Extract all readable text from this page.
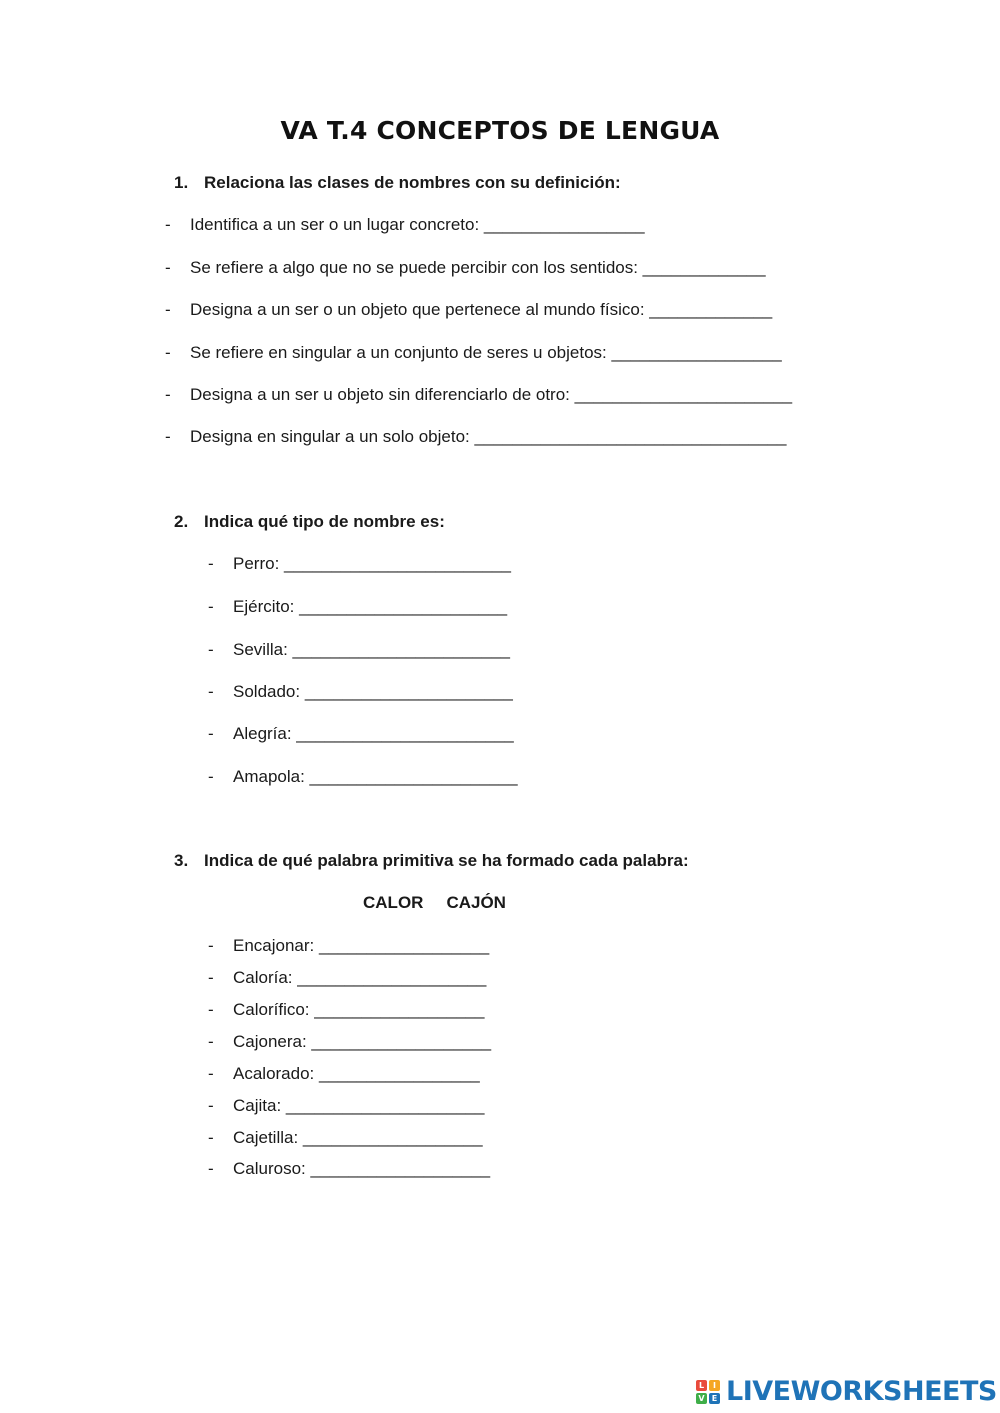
VA T.4 CONCEPTOS DE LENGUA
1. Relaciona las clases de nombres con su definición:
- Identifica a un ser o un lugar concreto: _________________
- Se refiere a algo que no se puede percibir con los sentidos: _____________
- Designa a un ser o un objeto que pertenece al mundo físico: _____________
- Se refiere en singular a un conjunto de seres u objetos: __________________
- Designa a un ser u objeto sin diferenciarlo de otro: _______________________
- Designa en singular a un solo objeto: _________________________________
2. Indica qué tipo de nombre es:
- Perro: ________________________
- Ejército: ______________________
- Sevilla: _______________________
- Soldado: ______________________
- Alegría: _______________________
- Amapola: ______________________
3. Indica de qué palabra primitiva se ha formado cada palabra:
CALOR CAJÓN
- Encajonar: __________________
- Caloría: ____________________
- Calorífico: __________________
- Cajonera: ___________________
- Acalorado: _________________
- Cajita: _____________________
- Cajetilla: ___________________
- Caluroso: ___________________
L	I
V E LIVEWORKSHEETS
